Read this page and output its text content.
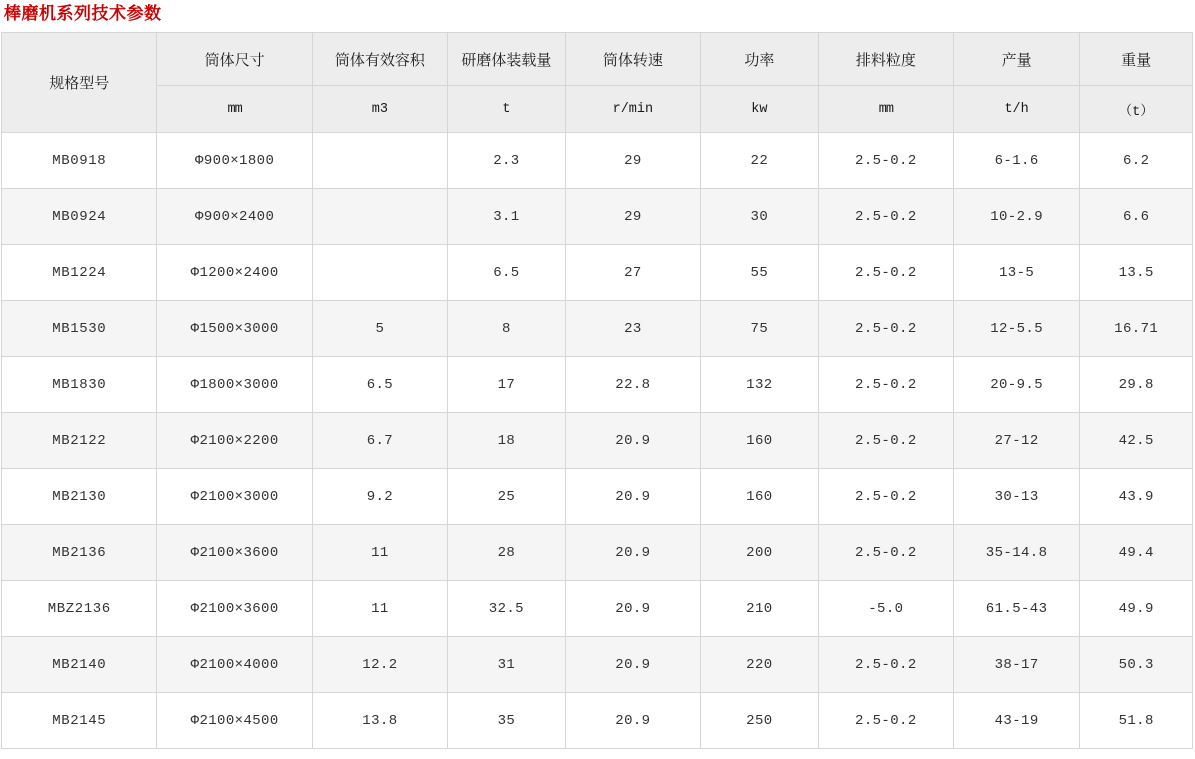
棒磨机系列技术参数
规格型号	筒体尺寸	筒体有效容积	研磨体装载量	筒体转速	功率	排料粒度	产量	重量
	mm	m3	t	r/min	kw	mm	t/h	（t）
MB0918	Φ900×1800		2.3	29	22	2.5-0.2	6-1.6	6.2
MB0924	Φ900×2400		3.1	29	30	2.5-0.2	10-2.9	6.6
MB1224	Φ1200×2400		6.5	27	55	2.5-0.2	13-5	13.5
MB1530	Φ1500×3000	5	8	23	75	2.5-0.2	12-5.5	16.71
MB1830	Φ1800×3000	6.5	17	22.8	132	2.5-0.2	20-9.5	29.8
MB2122	Φ2100×2200	6.7	18	20.9	160	2.5-0.2	27-12	42.5
MB2130	Φ2100×3000	9.2	25	20.9	160	2.5-0.2	30-13	43.9
MB2136	Φ2100×3600	11	28	20.9	200	2.5-0.2	35-14.8	49.4
MBZ2136	Φ2100×3600	11	32.5	20.9	210	-5.0	61.5-43	49.9
MB2140	Φ2100×4000	12.2	31	20.9	220	2.5-0.2	38-17	50.3
MB2145	Φ2100×4500	13.8	35	20.9	250	2.5-0.2	43-19	51.8
